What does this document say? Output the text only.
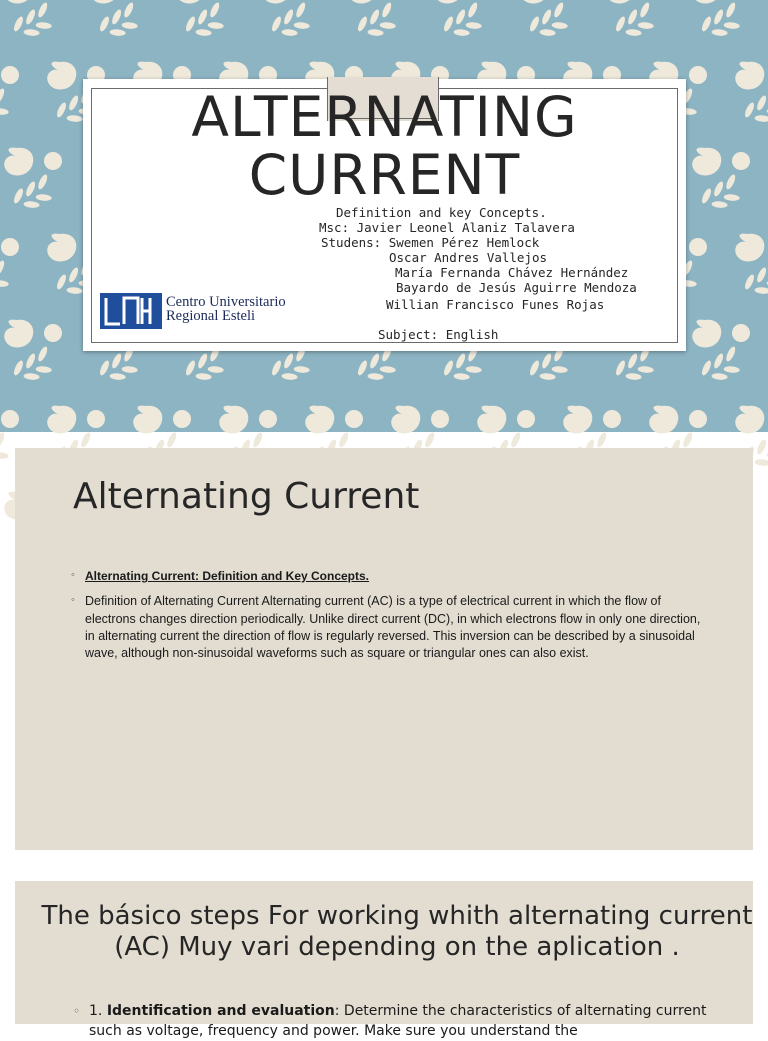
ALTERNATING
CURRENT
Definition and key Concepts.
Msc: Javier Leonel Alaniz Talavera
Studens: Swemen Pérez Hemlock
Oscar Andres Vallejos
María Fernanda Chávez Hernández
Bayardo de Jesús Aguirre Mendoza
Willian Francisco Funes Rojas
Subject: English
Centro Universitario
Regional Esteli
Alternating Current
◦ Alternating Current: Definition and Key Concepts.
◦ Definition of Alternating Current Alternating current (AC) is a type of electrical current in which the flow of electrons changes direction periodically. Unlike direct current (DC), in which electrons flow in only one direction, in alternating current the direction of flow is regularly reversed. This inversion can be described by a sinusoidal wave, although non-sinusoidal waveforms such as square or triangular ones can also exist.
The básico steps For working whith alternating current (AC) Muy vari depending on the aplication .
◦ 1. Identification and evaluation: Determine the characteristics of alternating current such as voltage, frequency and power. Make sure you understand the
